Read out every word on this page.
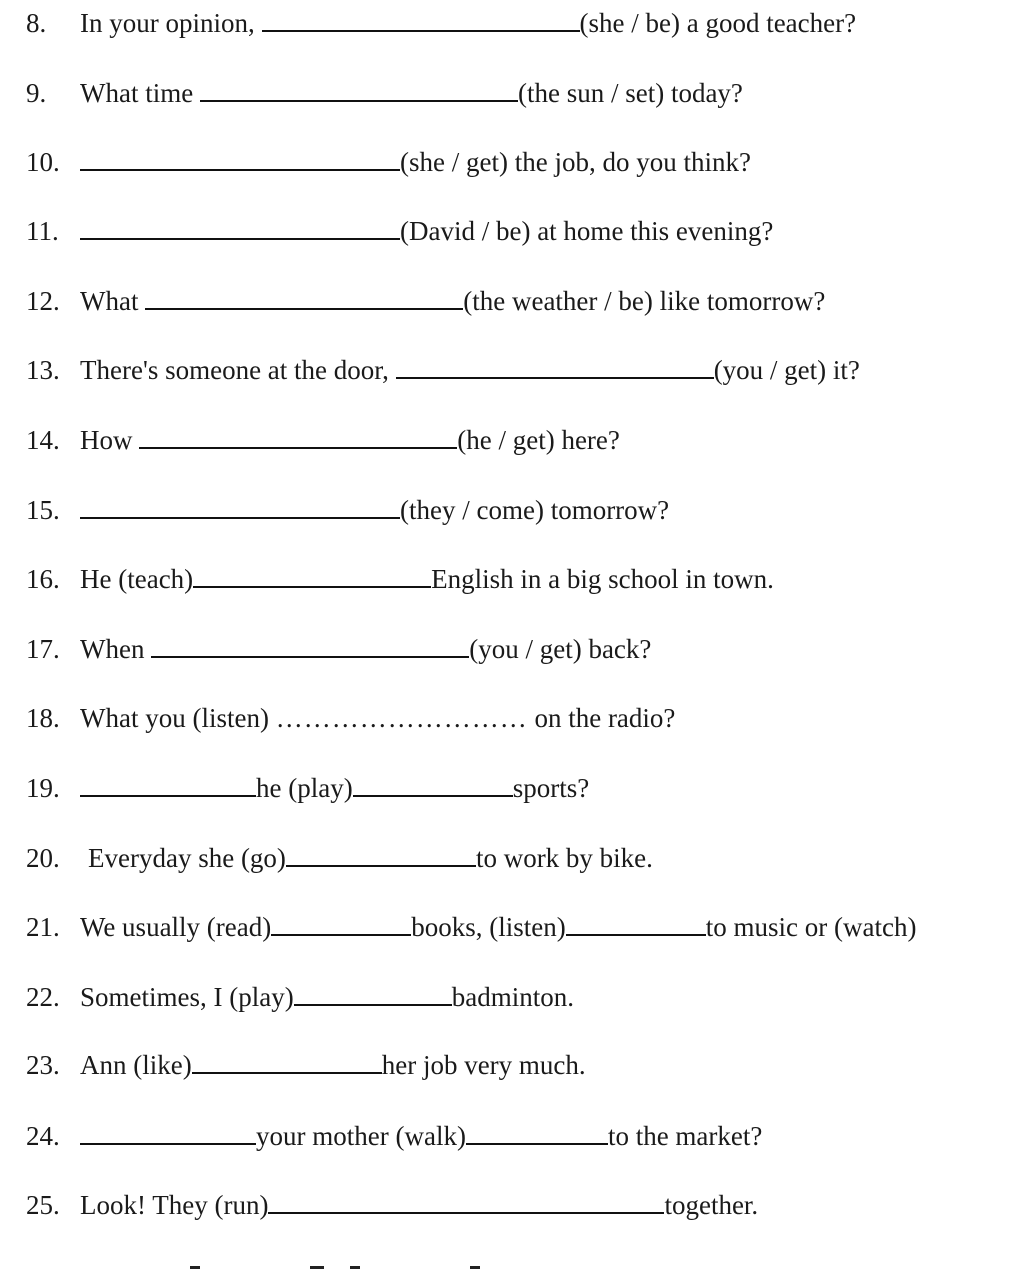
8. In your opinion,	(she / be) a good teacher?
9. What time	(the sun / set) today?
10.	(she / get) the job, do you think?
11.	(David / be) at home this evening?
12. What	(the weather / be) like tomorrow?
13. There's someone at the door,	(you / get) it?
14. How	(he / get) here?
15.	(they / come) tomorrow?
16. He (teach)	English in a big school in town.
17. When	(you / get) back?
18. What you (listen) ……………………… on the radio?
19.	he (play)	sports?
20. Everyday she (go)	to work by bike.
21. We usually (read)	books, (listen)	to music or (watch)
22. Sometimes, I (play)	badminton.
23. Ann (like)	her job very much.
24.	your mother (walk)	to the market?
25. Look! They (run)	together.
